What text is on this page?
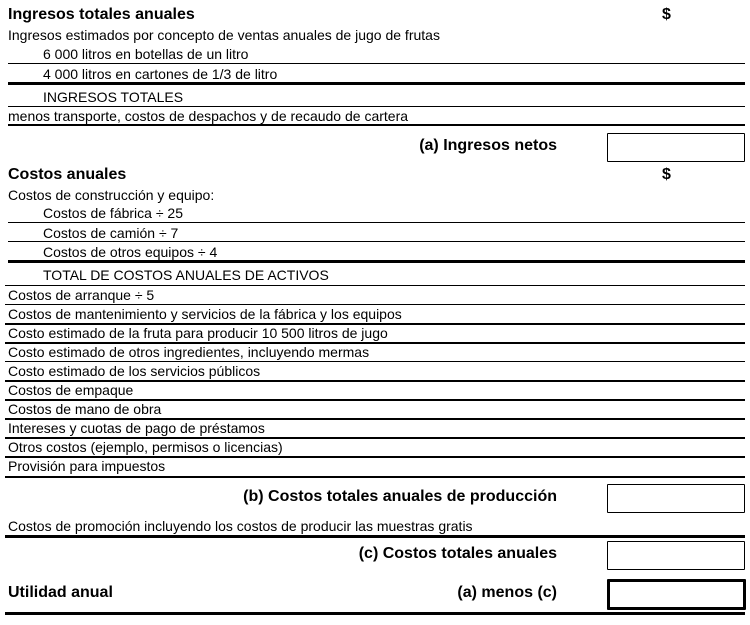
Ingresos totales anuales	$
Ingresos estimados por concepto de ventas anuales de jugo de frutas
6 000 litros en botellas de un litro
4 000 litros en cartones de 1/3 de litro
INGRESOS TOTALES
menos transporte, costos de despachos y de recaudo de cartera
(a) Ingresos netos
Costos anuales	$
Costos de construcción y equipo:
Costos de fábrica ÷ 25
Costos de camión ÷ 7
Costos de otros equipos ÷ 4
TOTAL DE COSTOS ANUALES DE ACTIVOS
Costos de arranque ÷ 5
Costos de mantenimiento y servicios de la fábrica y los equipos
Costo estimado de la fruta para producir 10 500 litros de jugo
Costo estimado de otros ingredientes, incluyendo mermas
Costo estimado de los servicios públicos
Costos de empaque
Costos de mano de obra
Intereses y cuotas de pago de préstamos
Otros costos (ejemplo, permisos o licencias)
Provisión para impuestos
(b) Costos totales anuales de producción
Costos de promoción incluyendo los costos de producir las muestras gratis
(c) Costos totales anuales
Utilidad anual	(a) menos (c)
